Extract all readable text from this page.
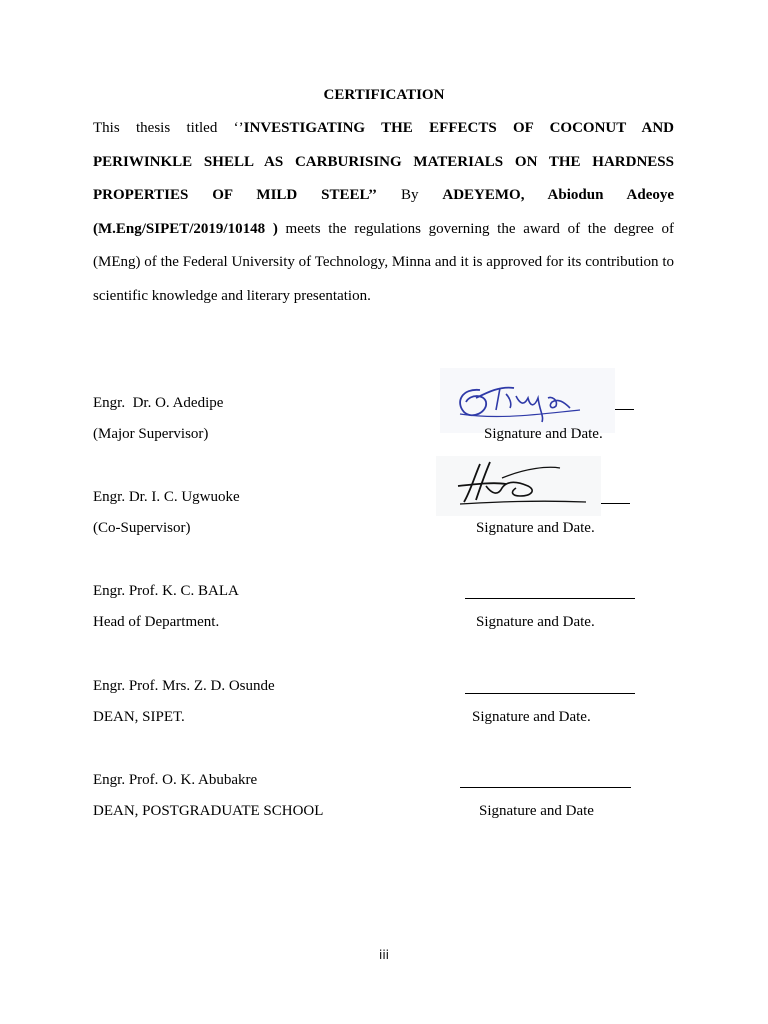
CERTIFICATION
This thesis titled ‘’INVESTIGATING THE EFFECTS OF COCONUT AND PERIWINKLE SHELL AS CARBURISING MATERIALS ON THE HARDNESS PROPERTIES OF MILD STEEL’’ By ADEYEMO, Abiodun Adeoye (M.Eng/SIPET/2019/10148 ) meets the regulations governing the award of the degree of (MEng) of the Federal University of Technology, Minna and it is approved for its contribution to scientific knowledge and literary presentation.
Engr.  Dr. O. Adedipe
(Major Supervisor)	Signature and Date.
Engr. Dr. I. C. Ugwuoke
(Co-Supervisor)	Signature and Date.
Engr. Prof. K. C. BALA
Head of Department.	Signature and Date.
Engr. Prof. Mrs. Z. D. Osunde
DEAN, SIPET.	Signature and Date.
Engr. Prof. O. K. Abubakre
DEAN, POSTGRADUATE SCHOOL	Signature and Date
iii
